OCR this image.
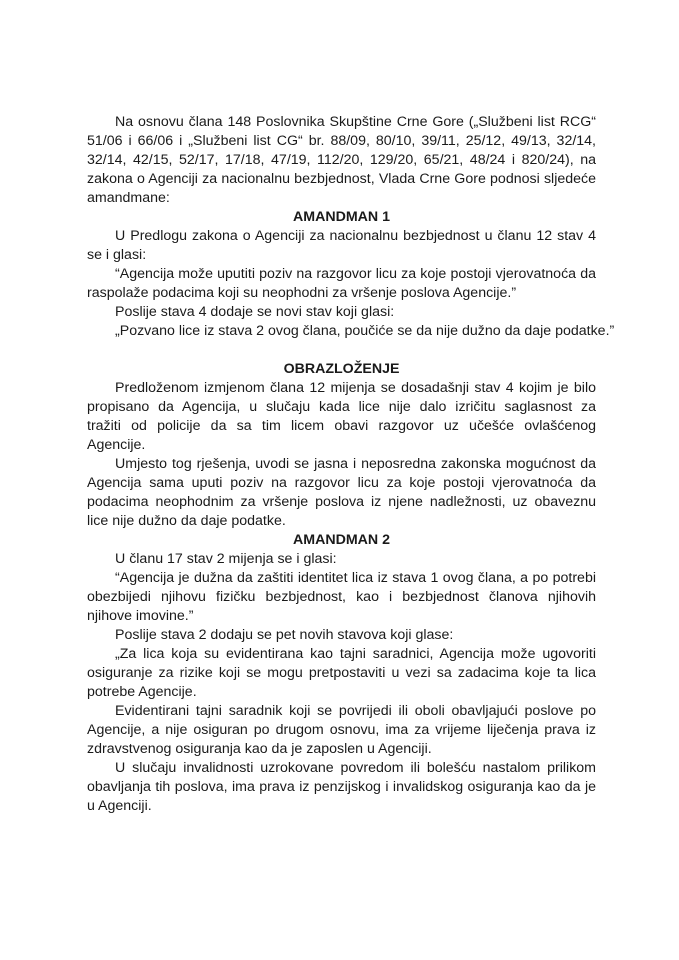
Na osnovu člana 148 Poslovnika Skupštine Crne Gore („Službeni list RCG“
51/06 i 66/06 i „Službeni list CG“ br. 88/09, 80/10, 39/11, 25/12, 49/13, 32/14,
32/14, 42/15, 52/17, 17/18, 47/19, 112/20, 129/20, 65/21, 48/24 i 820/24), na
zakona o Agenciji za nacionalnu bezbjednost, Vlada Crne Gore podnosi sljedeće
amandmane:
AMANDMAN 1
U Predlogu zakona o Agenciji za nacionalnu bezbjednost u članu 12 stav 4
se i glasi:
“Agencija može uputiti poziv na razgovor licu za koje postoji vjerovatnoća da
raspolaže podacima koji su neophodni za vršenje poslova Agencije.”
Poslije stava 4 dodaje se novi stav koji glasi:
„Pozvano lice iz stava 2 ovog člana, poučiće se da nije dužno da daje podatke.”
OBRAZLOŽENJE
Predloženom izmjenom člana 12 mijenja se dosadašnji stav 4 kojim je bilo
propisano da Agencija, u slučaju kada lice nije dalo izričitu saglasnost za
tražiti od policije da sa tim licem obavi razgovor uz učešće ovlašćenog
Agencije.
Umjesto tog rješenja, uvodi se jasna i neposredna zakonska mogućnost da
Agencija sama uputi poziv na razgovor licu za koje postoji vjerovatnoća da
podacima neophodnim za vršenje poslova iz njene nadležnosti, uz obaveznu
lice nije dužno da daje podatke.
AMANDMAN 2
U članu 17 stav 2 mijenja se i glasi:
“Agencija je dužna da zaštiti identitet lica iz stava 1 ovog člana, a po potrebi
obezbijedi njihovu fizičku bezbjednost, kao i bezbjednost članova njihovih
njihove imovine.”
Poslije stava 2 dodaju se pet novih stavova koji glase:
„Za lica koja su evidentirana kao tajni saradnici, Agencija može ugovoriti
osiguranje za rizike koji se mogu pretpostaviti u vezi sa zadacima koje ta lica
potrebe Agencije.
Evidentirani tajni saradnik koji se povrijedi ili oboli obavljajući poslove po
Agencije, a nije osiguran po drugom osnovu, ima za vrijeme liječenja prava iz
zdravstvenog osiguranja kao da je zaposlen u Agenciji.
U slučaju invalidnosti uzrokovane povredom ili bolešću nastalom prilikom
obavljanja tih poslova, ima prava iz penzijskog i invalidskog osiguranja kao da je
u Agenciji.
